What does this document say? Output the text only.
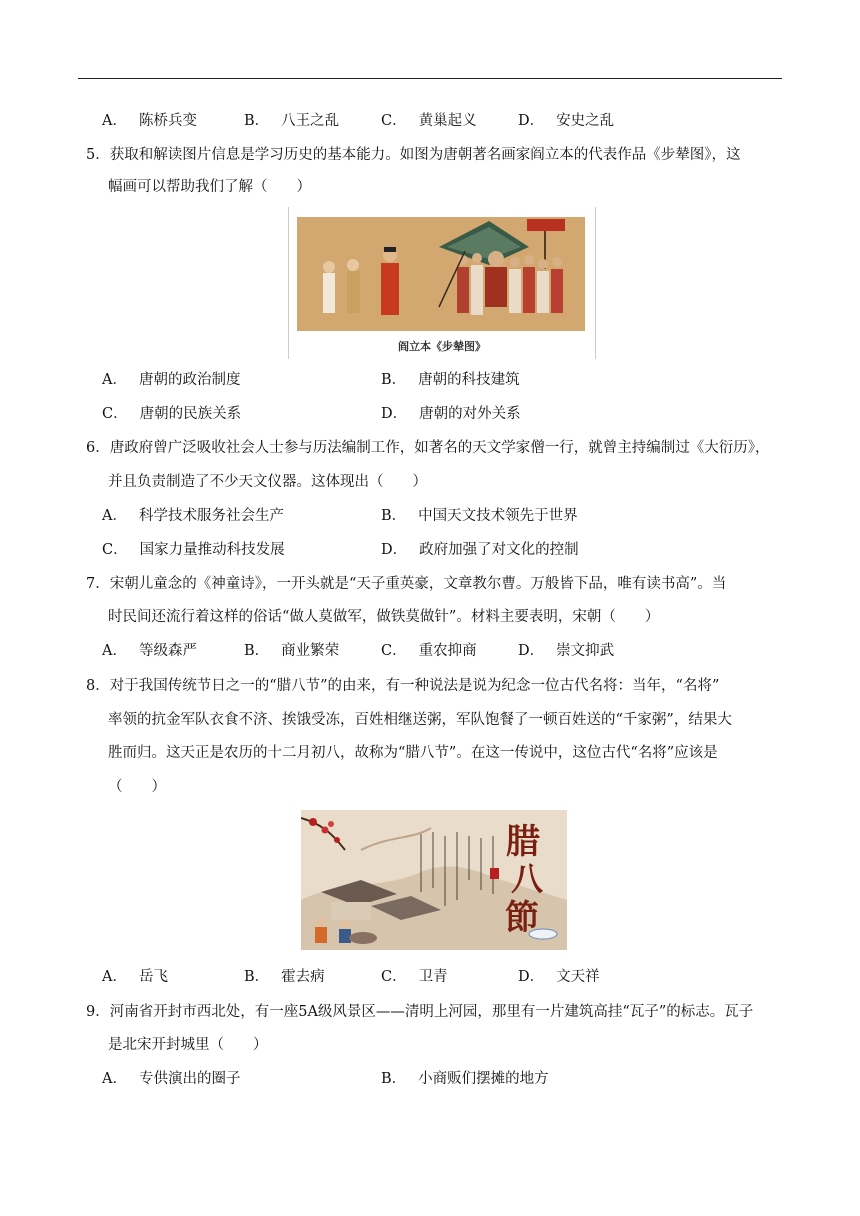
A． 陈桥兵变	B． 八王之乱	C． 黄巢起义	D． 安史之乱
5．获取和解读图片信息是学习历史的基本能力。如图为唐朝著名画家阎立本的代表作品《步辇图》，这
幅画可以帮助我们了解（　　）
阎立本《步辇图》
A． 唐朝的政治制度	B． 唐朝的科技建筑
C． 唐朝的民族关系	D． 唐朝的对外关系
6．唐政府曾广泛吸收社会人士参与历法编制工作，如著名的天文学家僧一行，就曾主持编制过《大衍历》，
并且负责制造了不少天文仪器。这体现出（　　）
A． 科学技术服务社会生产	B． 中国天文技术领先于世界
C． 国家力量推动科技发展	D． 政府加强了对文化的控制
7．宋朝儿童念的《神童诗》，一开头就是“天子重英豪，文章教尔曹。万般皆下品，唯有读书高”。当
时民间还流行着这样的俗话“做人莫做军，做铁莫做针”。材料主要表明，宋朝（　　）
A． 等级森严	B． 商业繁荣	C． 重农抑商	D． 崇文抑武
8．对于我国传统节日之一的“腊八节”的由来，有一种说法是说为纪念一位古代名将：当年，“名将”
率领的抗金军队衣食不济、挨饿受冻，百姓相继送粥，军队饱餐了一顿百姓送的“千家粥”，结果大
胜而归。这天正是农历的十二月初八，故称为“腊八节”。在这一传说中，这位古代“名将”应该是
（　　）
腊
八
節
A． 岳飞	B． 霍去病	C． 卫青	D． 文天祥
9．河南省开封市西北处，有一座5A级风景区——清明上河园，那里有一片建筑高挂“瓦子”的标志。瓦子
是北宋开封城里（　　）
A． 专供演出的圈子	B． 小商贩们摆摊的地方
